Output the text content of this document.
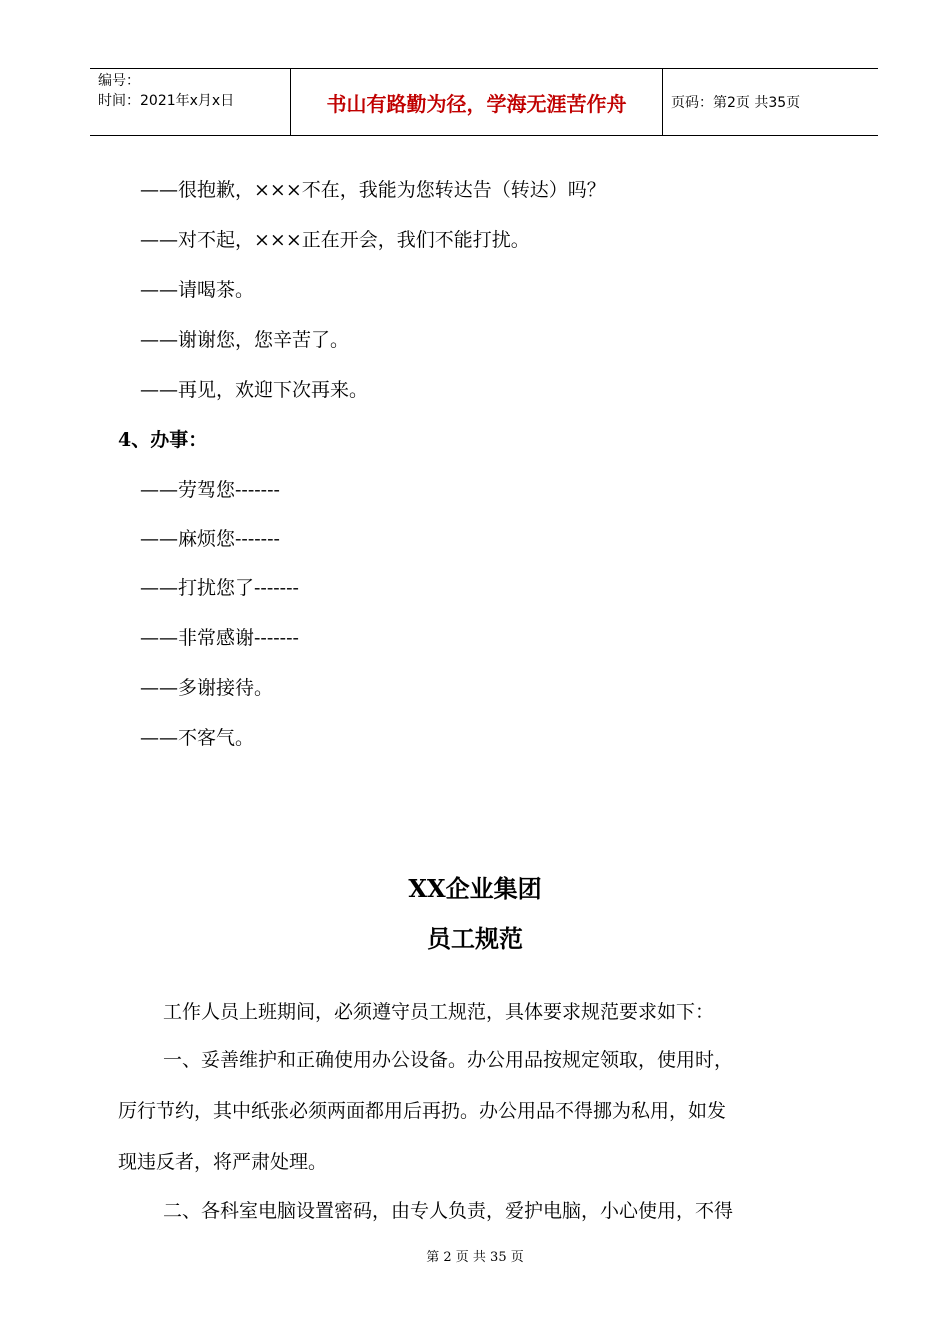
编号：
时间：2021年x月x日	书山有路勤为径，学海无涯苦作舟	页码：第2页 共35页
——很抱歉，×××不在，我能为您转达告（转达）吗？
——对不起，×××正在开会，我们不能打扰。
——请喝茶。
——谢谢您，您辛苦了。
——再见，欢迎下次再来。
4、办事：
——劳驾您-------
——麻烦您-------
——打扰您了-------
——非常感谢-------
——多谢接待。
——不客气。
XX企业集团
员工规范
工作人员上班期间，必须遵守员工规范，具体要求规范要求如下：
一、妥善维护和正确使用办公设备。办公用品按规定领取，使用时，
厉行节约，其中纸张必须两面都用后再扔。办公用品不得挪为私用，如发
现违反者，将严肃处理。
二、各科室电脑设置密码，由专人负责，爱护电脑，小心使用，不得
第 2 页 共 35 页
